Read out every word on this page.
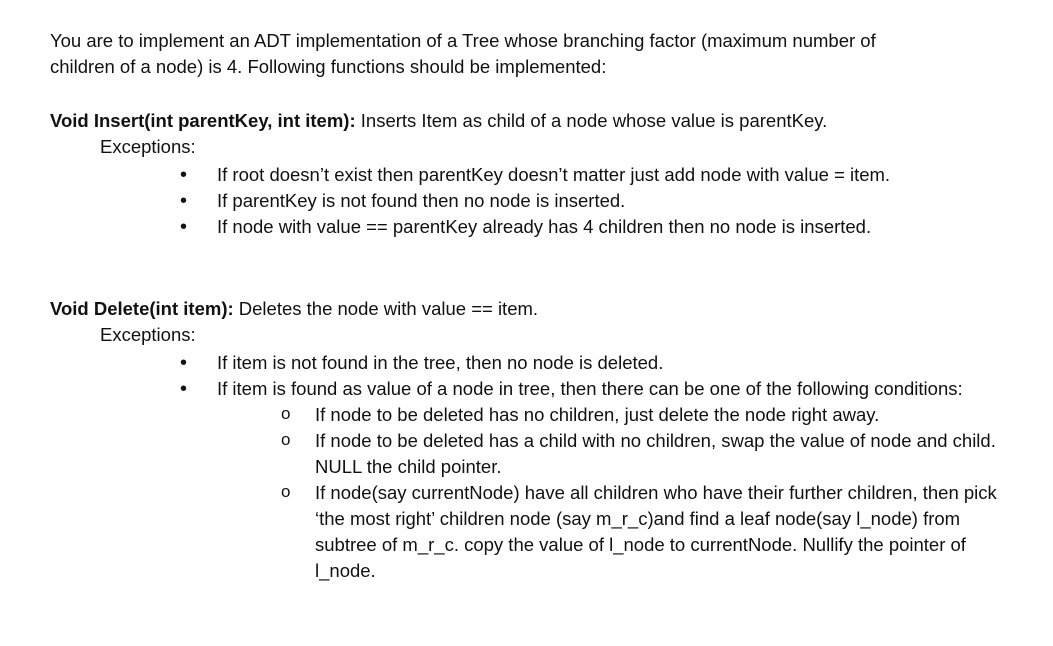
You are to implement an ADT implementation of a Tree whose branching factor (maximum number of

children of a node) is 4. Following functions should be implemented:

Void Insert(int parentKey, int item): Inserts Item as child of a node whose value is parentKey.

Exceptions:

• If root doesn’t exist then parentKey doesn’t matter just add node with value = item.
• If parentKey is not found then no node is inserted.
• If node with value == parentKey already has 4 children then no node is inserted.

Void Delete(int item): Deletes the node with value == item.

Exceptions:

• If item is not found in the tree, then no node is deleted.
• If item is found as value of a node in tree, then there can be one of the following conditions:
o If node to be deleted has no children, just delete the node right away.
o If node to be deleted has a child with no children, swap the value of node and child. NULL the child pointer.
o If node(say currentNode) have all children who have their further children, then pick ‘the most right’ children node (say m_r_c)and find a leaf node(say l_node) from subtree of m_r_c. copy the value of l_node to currentNode. Nullify the pointer of l_node.
